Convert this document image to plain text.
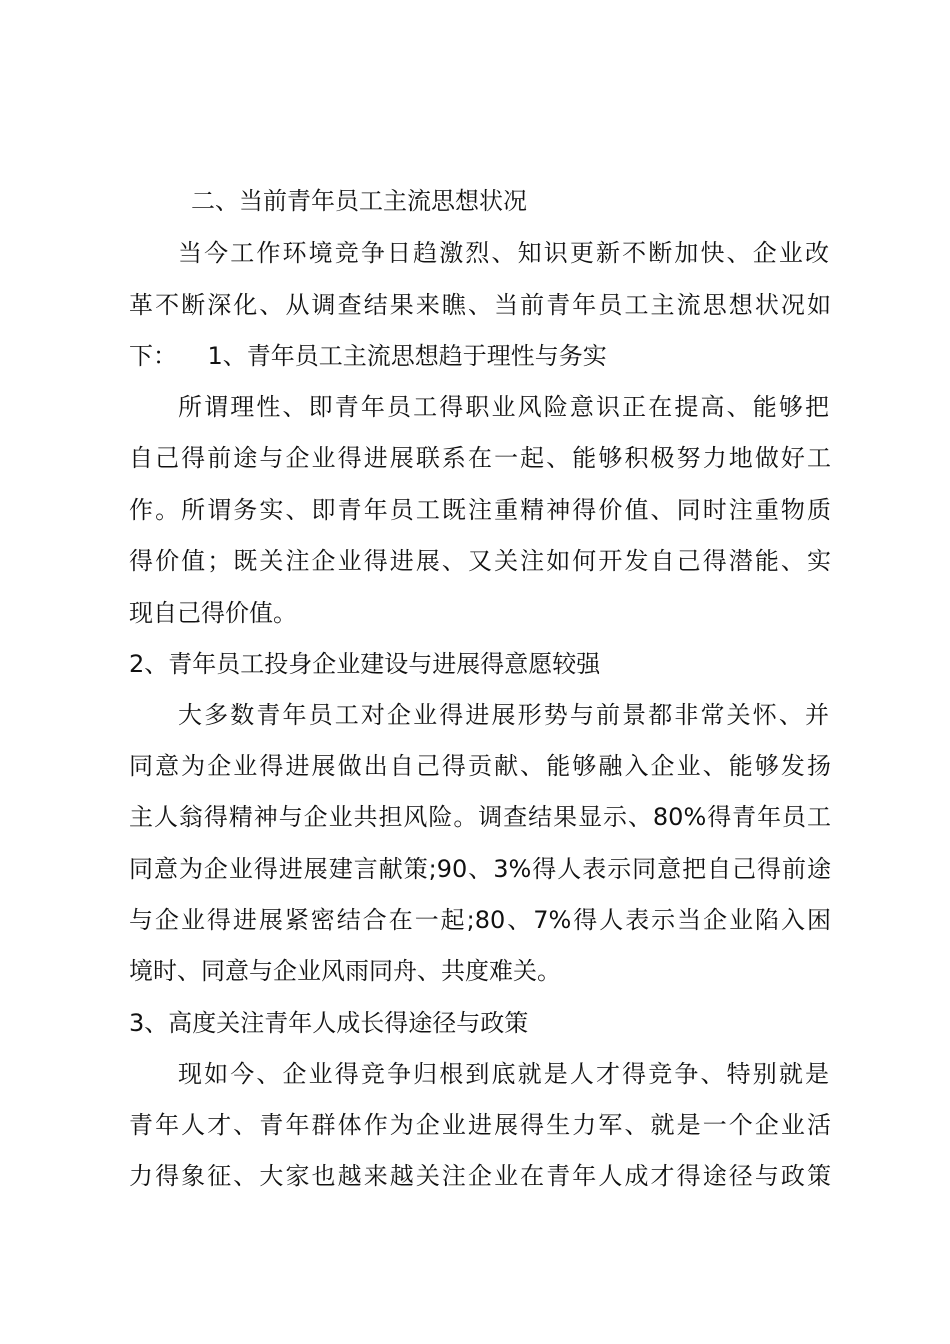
二、当前青年员工主流思想状况
当今工作环境竞争日趋激烈、知识更新不断加快、企业改
革不断深化、从调查结果来瞧、当前青年员工主流思想状况如
下：    1、青年员工主流思想趋于理性与务实
所谓理性、即青年员工得职业风险意识正在提高、能够把
自己得前途与企业得进展联系在一起、能够积极努力地做好工
作。所谓务实、即青年员工既注重精神得价值、同时注重物质
得价值；既关注企业得进展、又关注如何开发自己得潜能、实
现自己得价值。
2、青年员工投身企业建设与进展得意愿较强
大多数青年员工对企业得进展形势与前景都非常关怀、并
同意为企业得进展做出自己得贡献、能够融入企业、能够发扬
主人翁得精神与企业共担风险。调查结果显示、80%得青年员工
同意为企业得进展建言献策;90、3%得人表示同意把自己得前途
与企业得进展紧密结合在一起;80、7%得人表示当企业陷入困
境时、同意与企业风雨同舟、共度难关。
3、高度关注青年人成长得途径与政策
现如今、企业得竞争归根到底就是人才得竞争、特别就是
青年人才、青年群体作为企业进展得生力军、就是一个企业活
力得象征、大家也越来越关注企业在青年人成才得途径与政策
